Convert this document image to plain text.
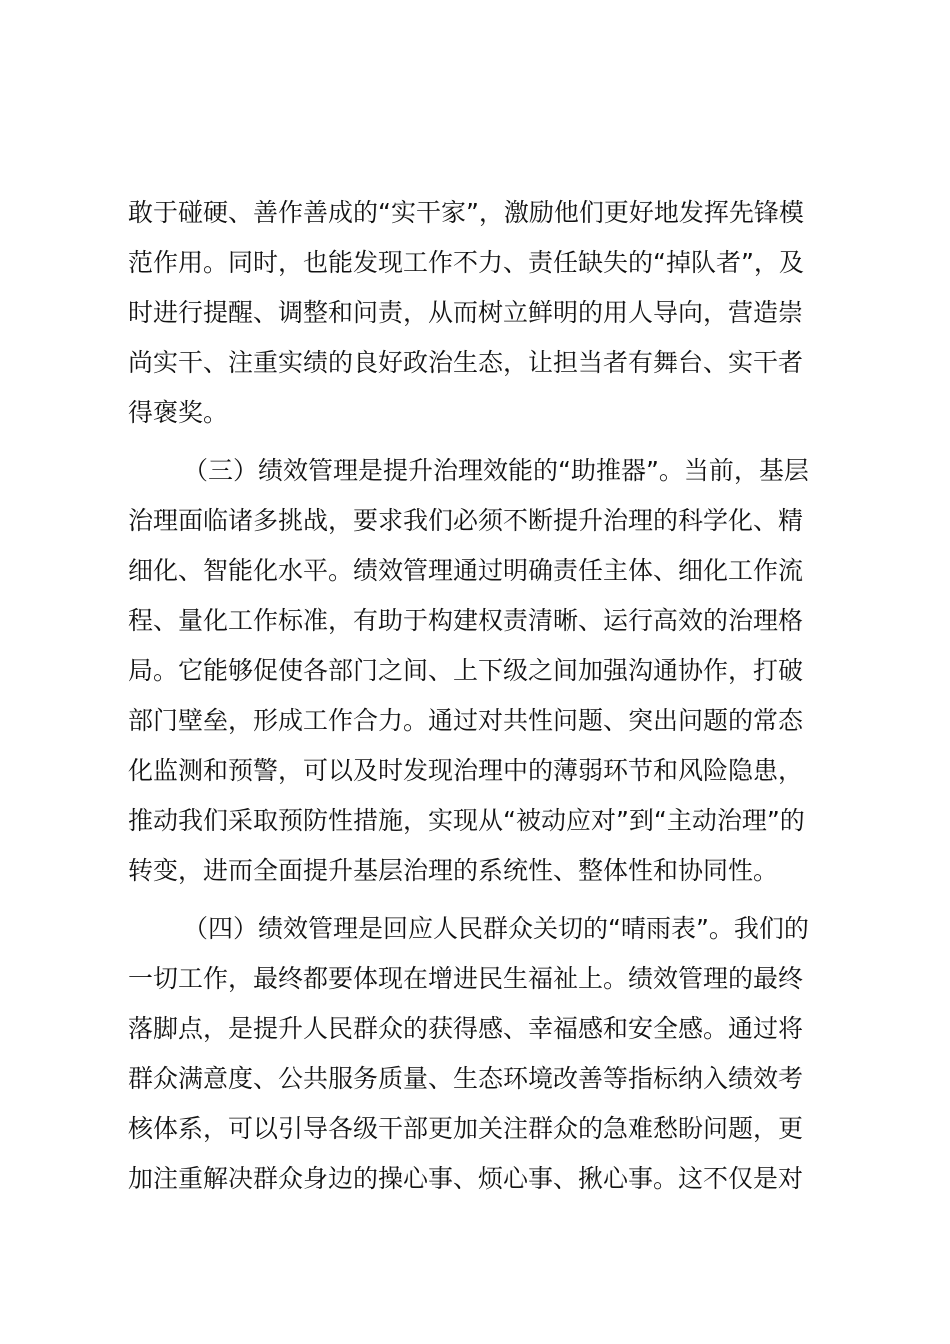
敢于碰硬、善作善成的“实干家”，激励他们更好地发挥先锋模
范作用。同时，也能发现工作不力、责任缺失的“掉队者”，及
时进行提醒、调整和问责，从而树立鲜明的用人导向，营造崇
尚实干、注重实绩的良好政治生态，让担当者有舞台、实干者
得褒奖。
（三）绩效管理是提升治理效能的“助推器”。当前，基层
治理面临诸多挑战，要求我们必须不断提升治理的科学化、精
细化、智能化水平。绩效管理通过明确责任主体、细化工作流
程、量化工作标准，有助于构建权责清晰、运行高效的治理格
局。它能够促使各部门之间、上下级之间加强沟通协作，打破
部门壁垒，形成工作合力。通过对共性问题、突出问题的常态
化监测和预警，可以及时发现治理中的薄弱环节和风险隐患，
推动我们采取预防性措施，实现从“被动应对”到“主动治理”的
转变，进而全面提升基层治理的系统性、整体性和协同性。
（四）绩效管理是回应人民群众关切的“晴雨表”。我们的
一切工作，最终都要体现在增进民生福祉上。绩效管理的最终
落脚点，是提升人民群众的获得感、幸福感和安全感。通过将
群众满意度、公共服务质量、生态环境改善等指标纳入绩效考
核体系，可以引导各级干部更加关注群众的急难愁盼问题，更
加注重解决群众身边的操心事、烦心事、揪心事。这不仅是对
